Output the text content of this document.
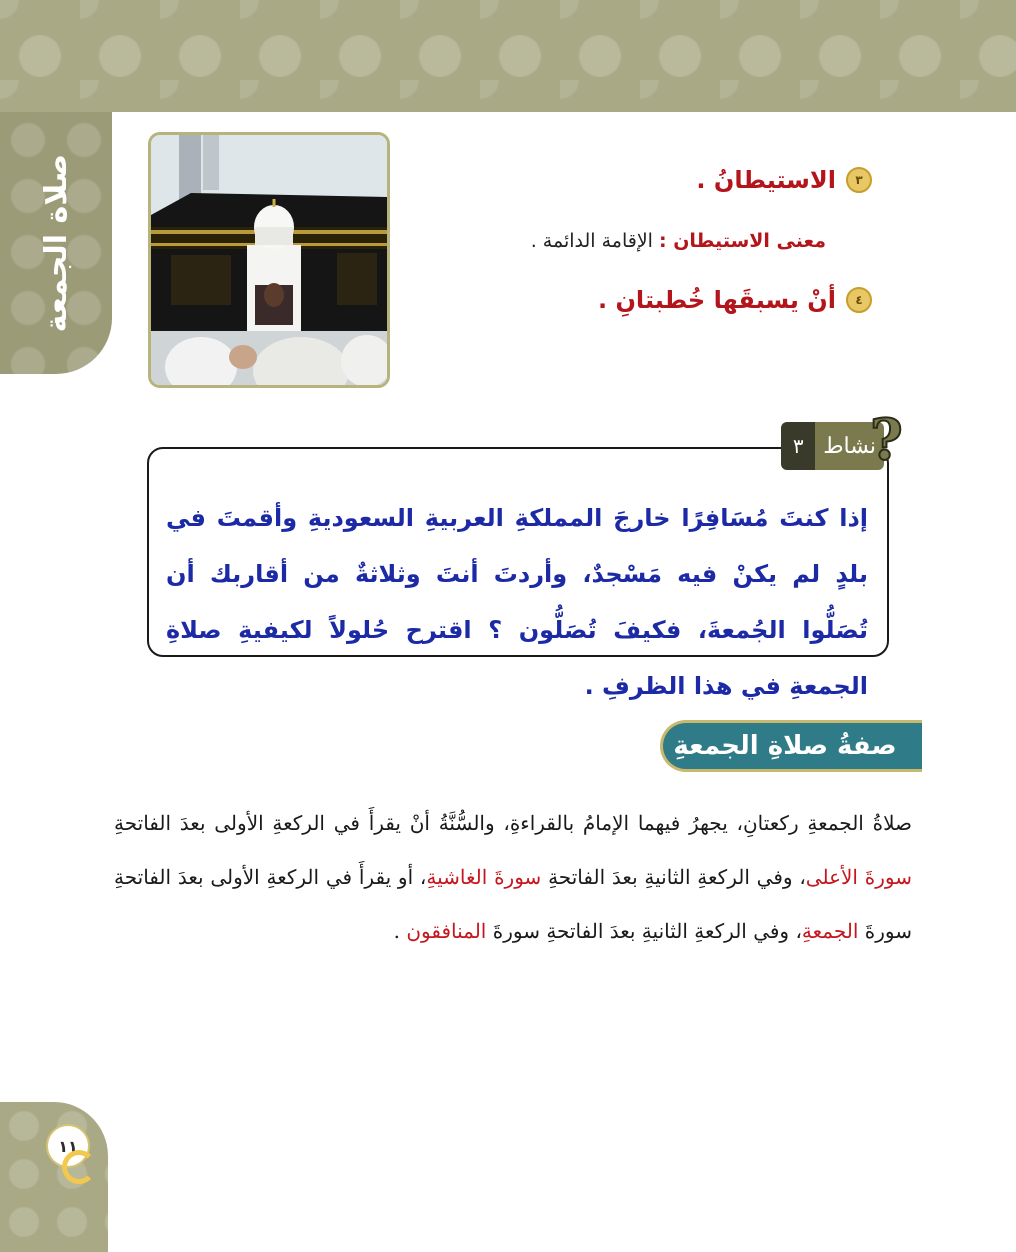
صلاة الجمعة	٣
الاستيطانُ .
معنى الاستيطان : الإقامة الدائمة .
٤
أنْ يسبقَها خُطبتانِ .
نشاط
٣ ?
إذا كنتَ مُسَافِرًا خارجَ المملكةِ العربيةِ السعوديةِ وأقمتَ في بلدٍ لم يكنْ فيه مَسْجدٌ، وأردتَ أنتَ وثلاثةٌ من أقاربك أن تُصَلُّوا الجُمعةَ، فكيفَ تُصَلُّون ؟ اقترح حُلولاً لكيفيةِ صلاةِ الجمعةِ في هذا الظرفِ .
صفةُ صلاةِ الجمعةِ
صلاةُ الجمعةِ ركعتانِ، يجهرُ فيهما الإمامُ بالقراءةِ، والسُّنَّةُ أنْ يقرأَ في الركعةِ الأولى بعدَ الفاتحةِ سورةَ الأعلى، وفي الركعةِ الثانيةِ بعدَ الفاتحةِ سورةَ الغاشيةِ، أو يقرأَ في الركعةِ الأولى بعدَ الفاتحةِ سورةَ الجمعةِ، وفي الركعةِ الثانيةِ بعدَ الفاتحةِ سورةَ المنافقون .
١١
